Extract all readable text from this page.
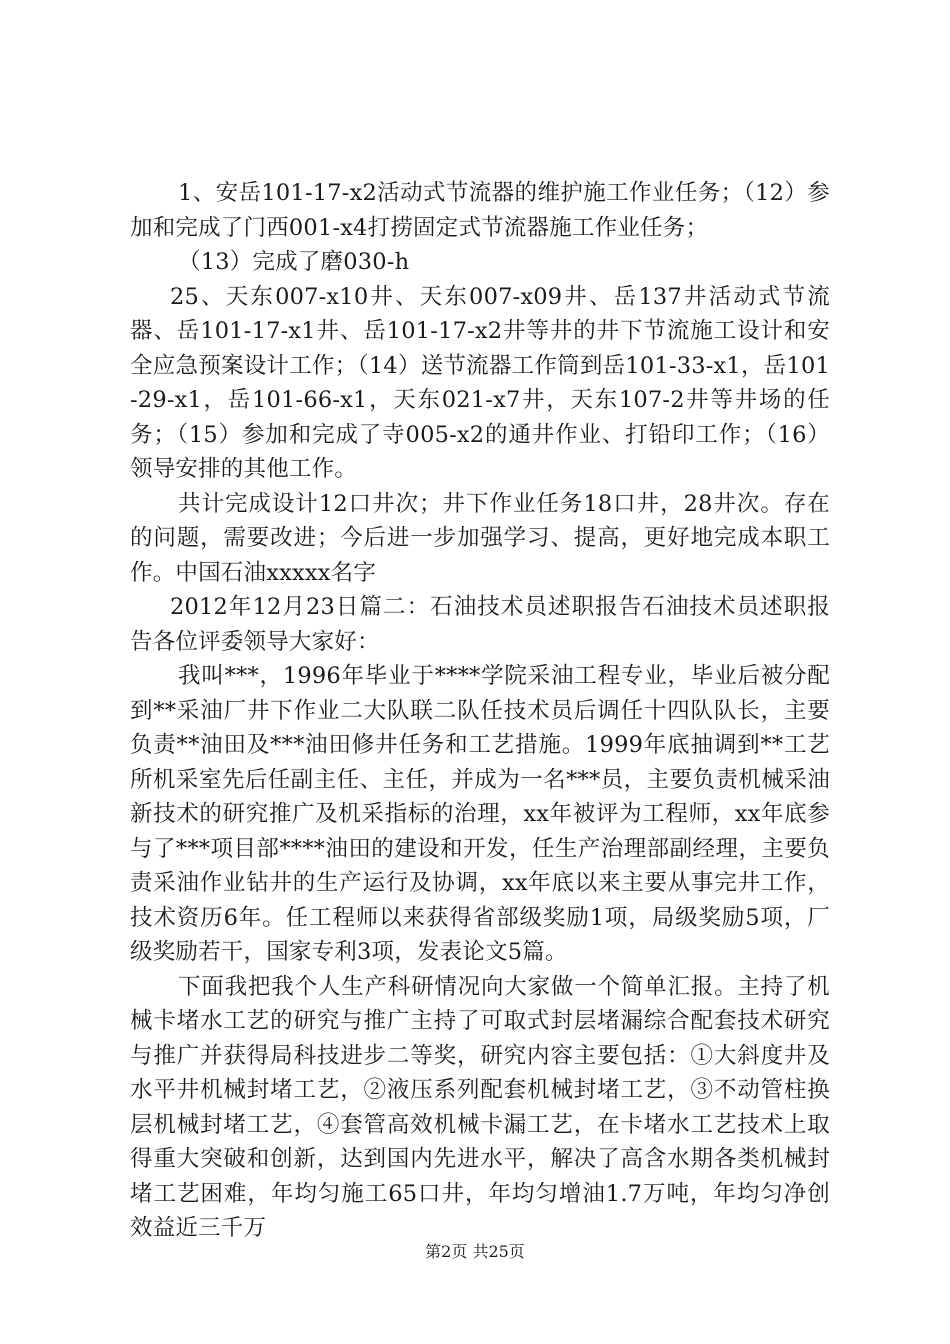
1、安岳101-17-x2活动式节流器的维护施工作业任务；（12）参加和完成了门西001-x4打捞固定式节流器施工作业任务；

（13）完成了磨030-h

25、天东007-x10井、天东007-x09井、岳137井活动式节流器、岳101-17-x1井、岳101-17-x2井等井的井下节流施工设计和安全应急预案设计工作；（14）送节流器工作筒到岳101-33-x1，岳101-29-x1，岳101-66-x1，天东021-x7井，天东107-2井等井场的任务；（15）参加和完成了寺005-x2的通井作业、打铅印工作；（16）领导安排的其他工作。

共计完成设计12口井次；井下作业任务18口井，28井次。存在的问题，需要改进；今后进一步加强学习、提高，更好地完成本职工作。中国石油xxxxx名字

2012年12月23日篇二：石油技术员述职报告石油技术员述职报告各位评委领导大家好：

我叫***，1996年毕业于****学院采油工程专业，毕业后被分配到**采油厂井下作业二大队联二队任技术员后调任十四队队长，主要负责**油田及***油田修井任务和工艺措施。1999年底抽调到**工艺所机采室先后任副主任、主任，并成为一名***员，主要负责机械采油新技术的研究推广及机采指标的治理，xx年被评为工程师，xx年底参与了***项目部****油田的建设和开发，任生产治理部副经理，主要负责采油作业钻井的生产运行及协调，xx年底以来主要从事完井工作，技术资历6年。任工程师以来获得省部级奖励1项，局级奖励5项，厂级奖励若干，国家专利3项，发表论文5篇。

下面我把我个人生产科研情况向大家做一个简单汇报。主持了机械卡堵水工艺的研究与推广主持了可取式封层堵漏综合配套技术研究与推广并获得局科技进步二等奖，研究内容主要包括：①大斜度井及水平井机械封堵工艺，②液压系列配套机械封堵工艺，③不动管柱换层机械封堵工艺，④套管高效机械卡漏工艺，在卡堵水工艺技术上取得重大突破和创新，达到国内先进水平，解决了高含水期各类机械封堵工艺困难，年均匀施工65口井，年均匀增油1.7万吨，年均匀净创效益近三千万

第2页 共25页
